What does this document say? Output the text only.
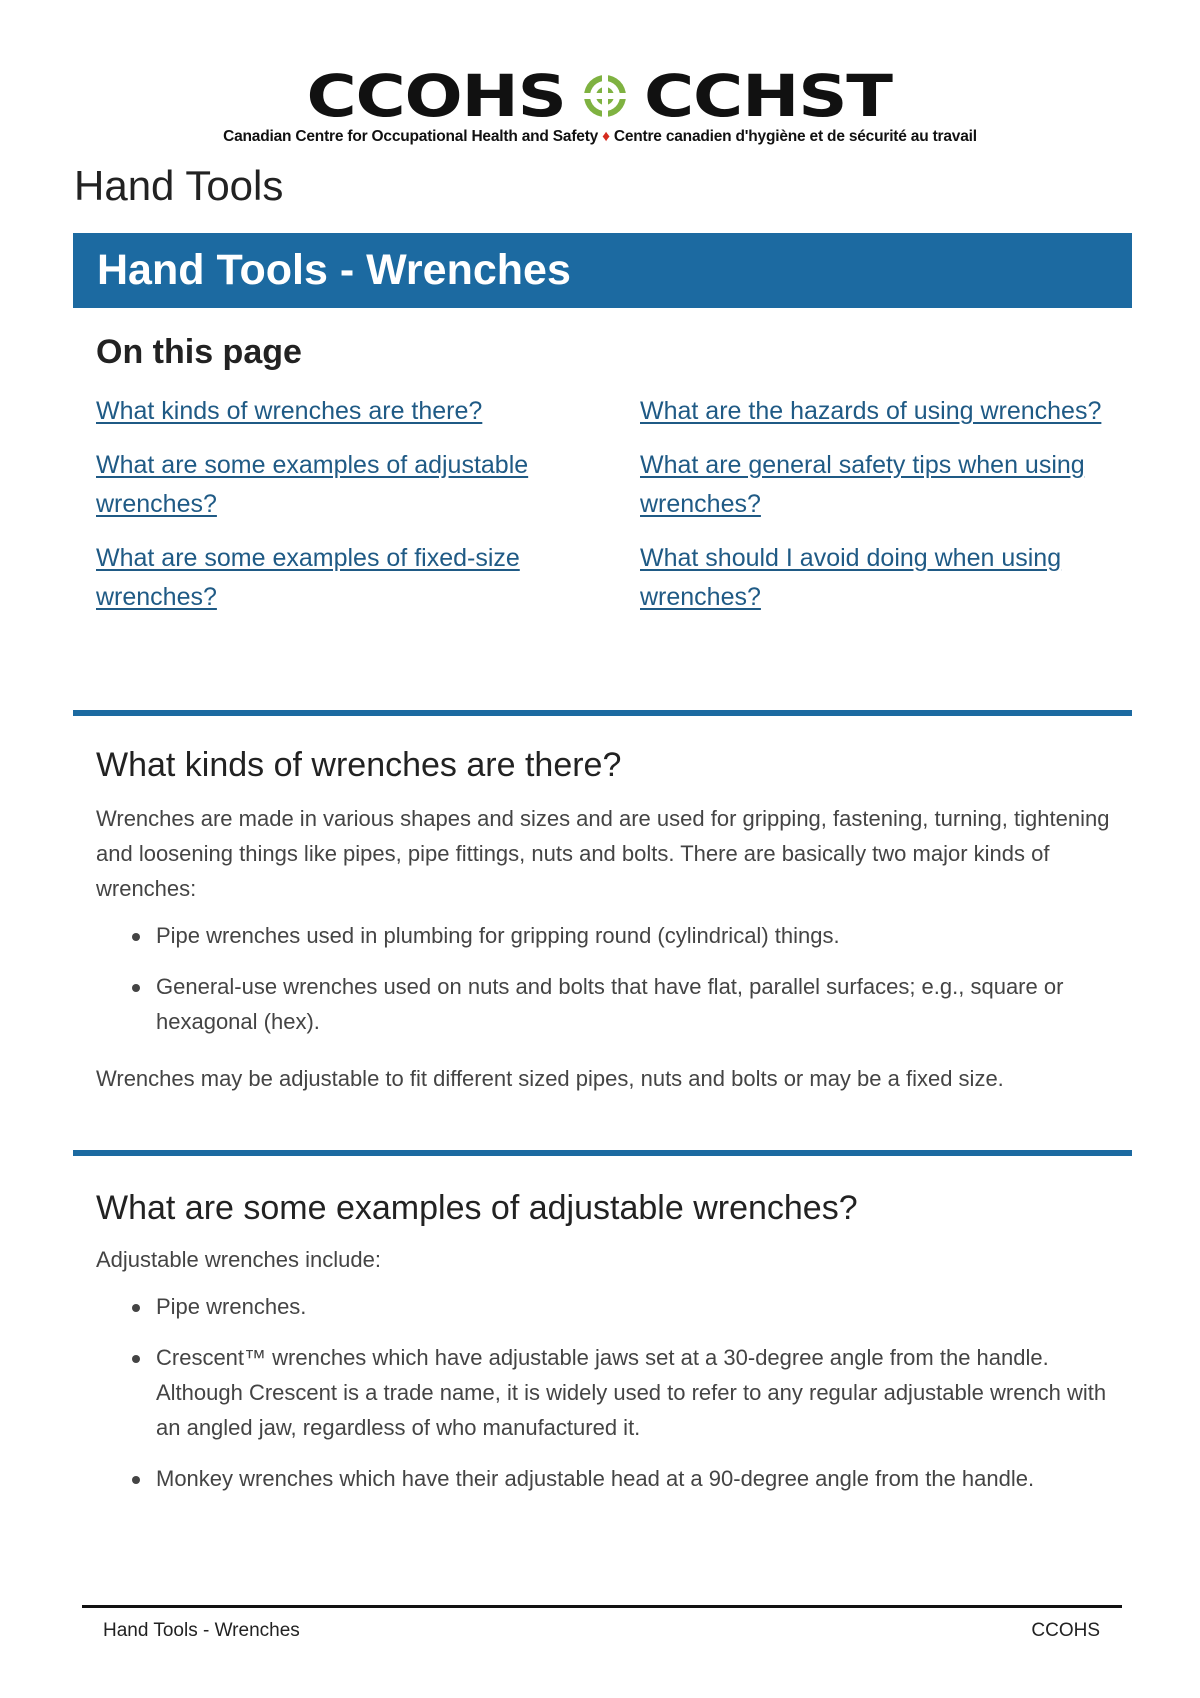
CCOHS CCHST
Canadian Centre for Occupational Health and Safety ♦ Centre canadien d'hygiène et de sécurité au travail
Hand Tools
Hand Tools - Wrenches
On this page
What kinds of wrenches are there?
What are some examples of adjustable wrenches?
What are some examples of fixed-size wrenches?
What are the hazards of using wrenches?
What are general safety tips when using wrenches?
What should I avoid doing when using wrenches?
What kinds of wrenches are there?

Wrenches are made in various shapes and sizes and are used for gripping, fastening, turning, tightening and loosening things like pipes, pipe fittings, nuts and bolts. There are basically two major kinds of wrenches:

Pipe wrenches used in plumbing for gripping round (cylindrical) things.
General-use wrenches used on nuts and bolts that have flat, parallel surfaces; e.g., square or hexagonal (hex).

Wrenches may be adjustable to fit different sized pipes, nuts and bolts or may be a fixed size.

What are some examples of adjustable wrenches?

Adjustable wrenches include:

Pipe wrenches.
Crescent™ wrenches which have adjustable jaws set at a 30-degree angle from the handle. Although Crescent is a trade name, it is widely used to refer to any regular adjustable wrench with an angled jaw, regardless of who manufactured it.
Monkey wrenches which have their adjustable head at a 90-degree angle from the handle.
Hand Tools - Wrenches	CCOHS
